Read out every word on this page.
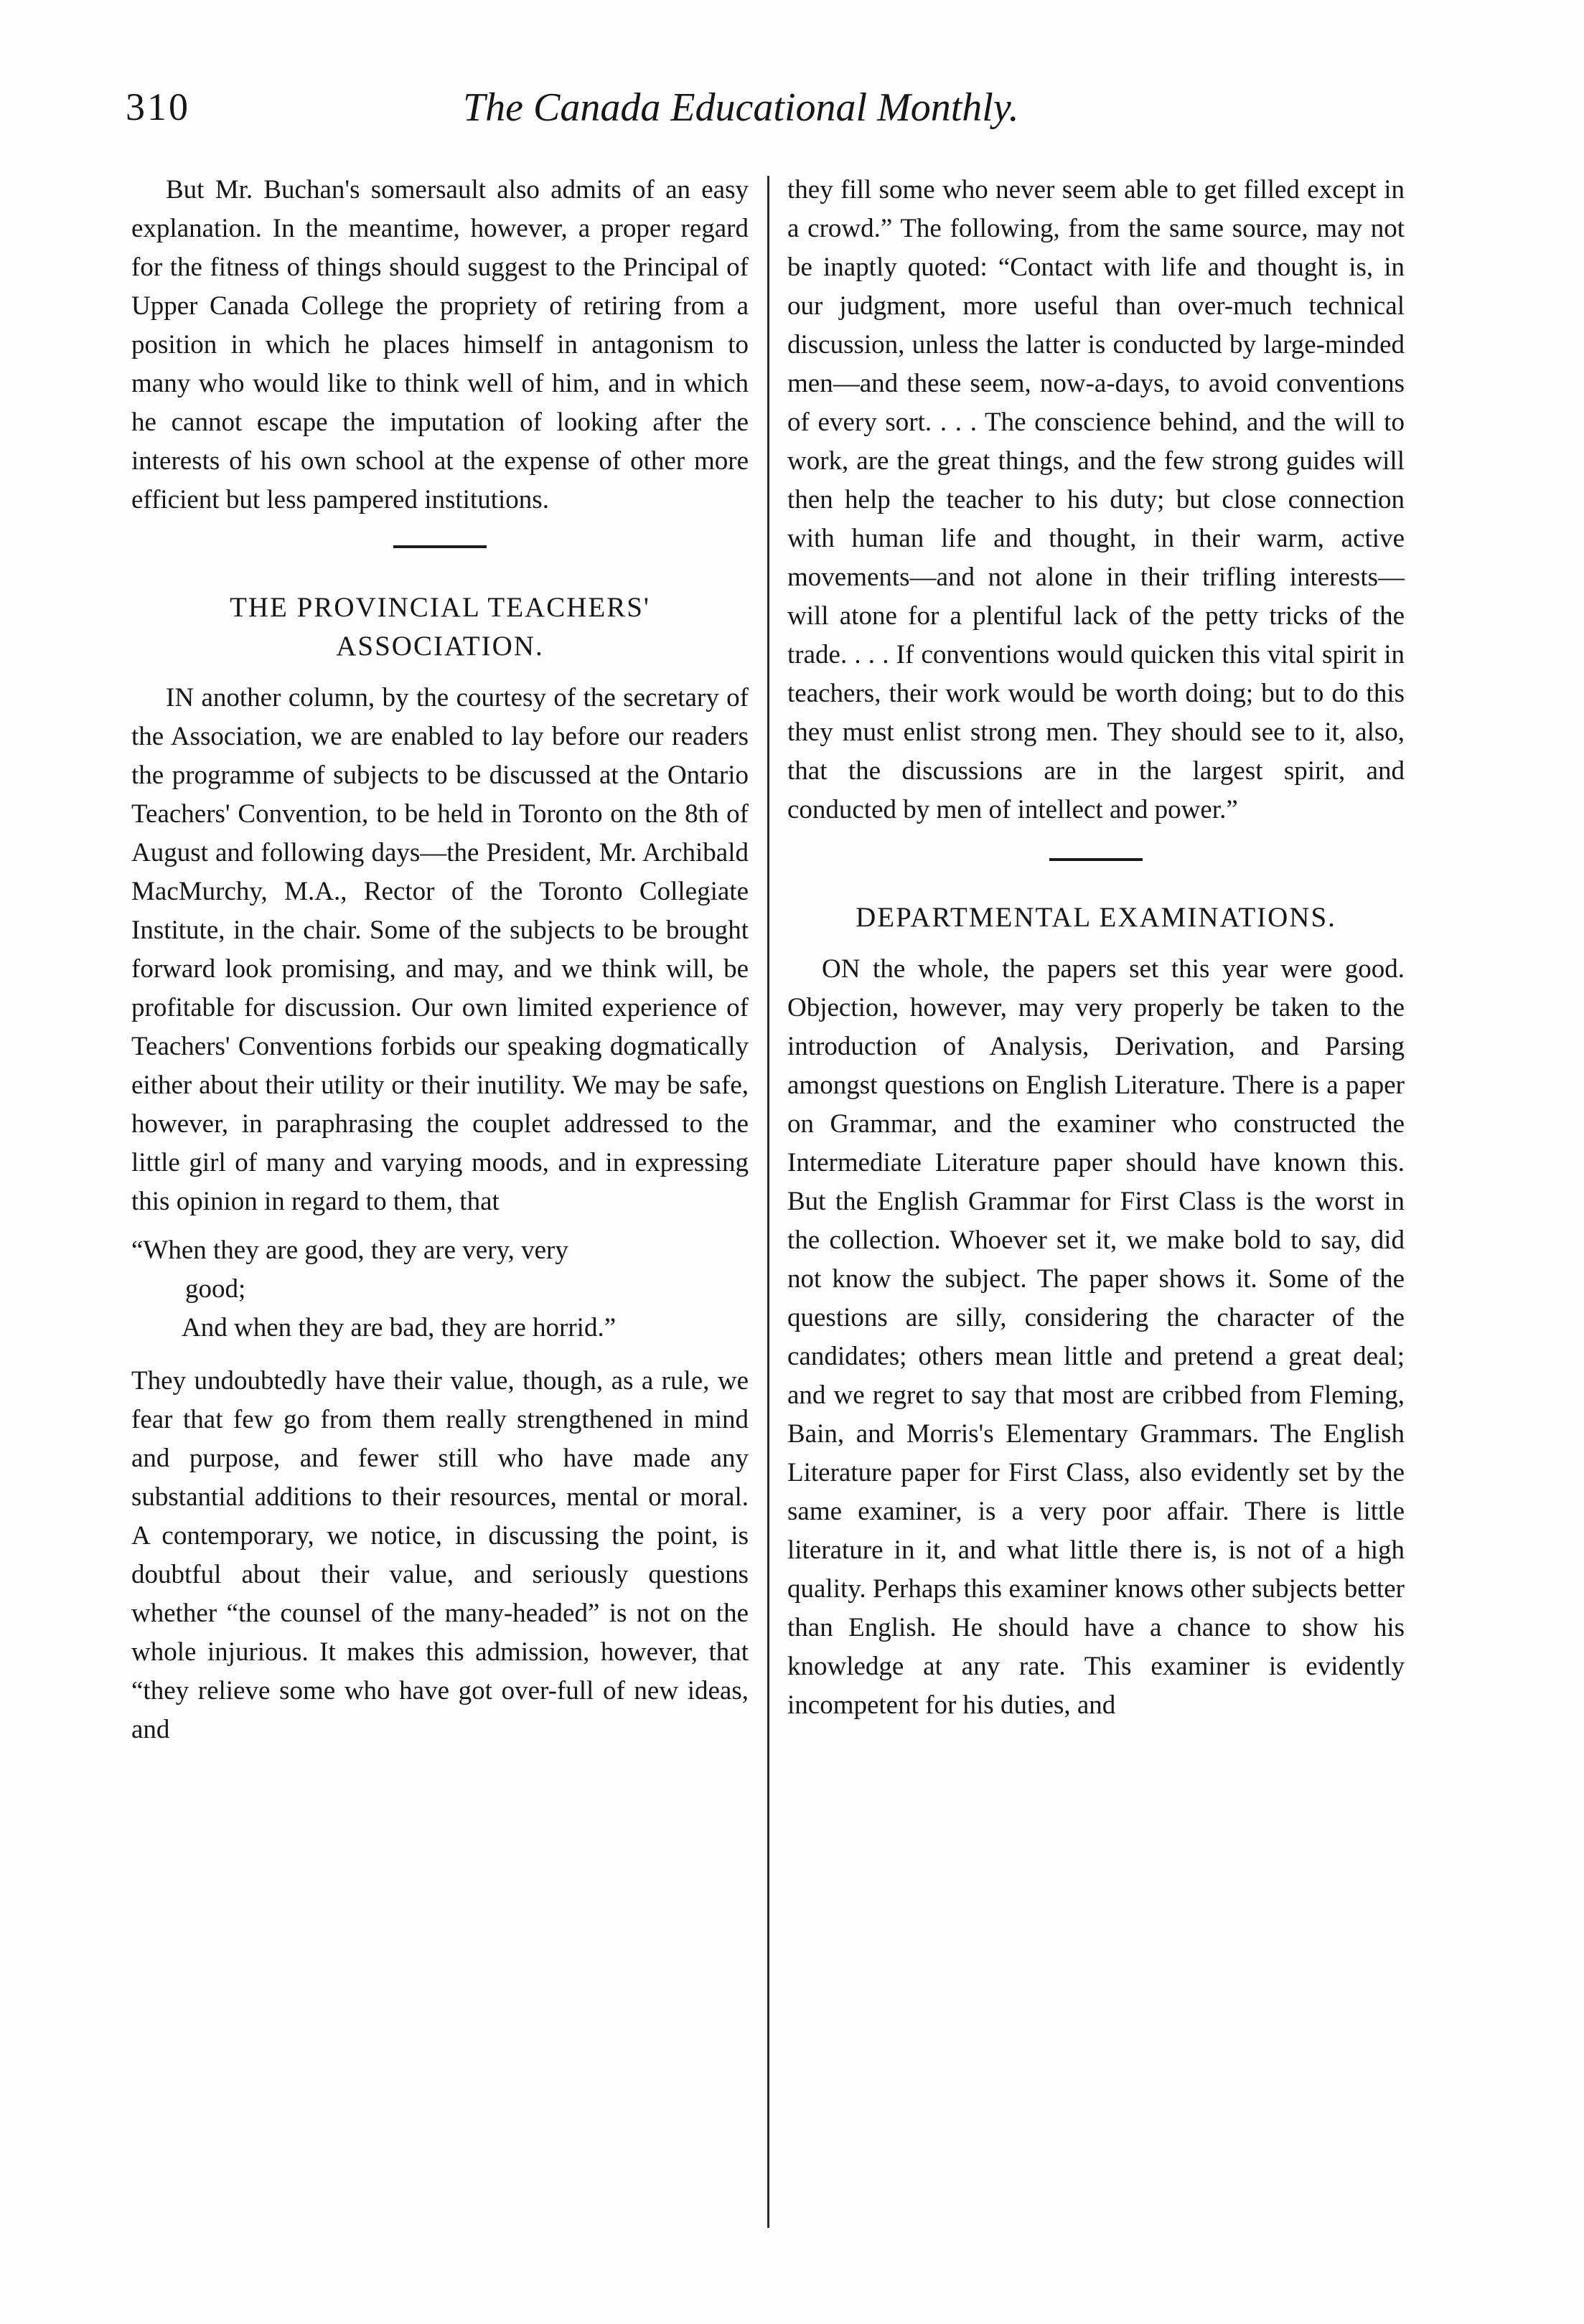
310	The Canada Educational Monthly.

But Mr. Buchan's somersault also admits of an easy explanation. In the meantime, however, a proper regard for the fitness of things should suggest to the Principal of Upper Canada College the propriety of retiring from a position in which he places himself in antagonism to many who would like to think well of him, and in which he cannot escape the imputation of looking after the interests of his own school at the expense of other more efficient but less pampered institutions.

THE PROVINCIAL TEACHERS'
ASSOCIATION.

IN another column, by the courtesy of the secretary of the Association, we are enabled to lay before our readers the programme of subjects to be discussed at the Ontario Teachers' Convention, to be held in Toronto on the 8th of August and following days—the President, Mr. Archibald MacMurchy, M.A., Rector of the Toronto Collegiate Institute, in the chair. Some of the subjects to be brought forward look promising, and may, and we think will, be profitable for discussion. Our own limited experience of Teachers' Conventions forbids our speaking dogmatically either about their utility or their inutility. We may be safe, however, in paraphrasing the couplet addressed to the little girl of many and varying moods, and in expressing this opinion in regard to them, that

“When they are good, they are very, very

good;

And when they are bad, they are horrid.”

They undoubtedly have their value, though, as a rule, we fear that few go from them really strengthened in mind and purpose, and fewer still who have made any substantial additions to their resources, mental or moral. A contemporary, we notice, in discussing the point, is doubtful about their value, and seriously questions whether “the counsel of the many-headed” is not on the whole injurious. It makes this admission, however, that “they relieve some who have got over-full of new ideas, and

they fill some who never seem able to get filled except in a crowd.” The following, from the same source, may not be inaptly quoted: “Contact with life and thought is, in our judgment, more useful than over-much technical discussion, unless the latter is conducted by large-minded men—and these seem, now-a-days, to avoid conventions of every sort. . . . The conscience behind, and the will to work, are the great things, and the few strong guides will then help the teacher to his duty; but close connection with human life and thought, in their warm, active movements—and not alone in their trifling interests—will atone for a plentiful lack of the petty tricks of the trade. . . . If conventions would quicken this vital spirit in teachers, their work would be worth doing; but to do this they must enlist strong men. They should see to it, also, that the discussions are in the largest spirit, and conducted by men of intellect and power.”

DEPARTMENTAL EXAMINATIONS.

ON the whole, the papers set this year were good. Objection, however, may very properly be taken to the introduction of Analysis, Derivation, and Parsing amongst questions on English Literature. There is a paper on Grammar, and the examiner who constructed the Intermediate Literature paper should have known this. But the English Grammar for First Class is the worst in the collection. Whoever set it, we make bold to say, did not know the subject. The paper shows it. Some of the questions are silly, considering the character of the candidates; others mean little and pretend a great deal; and we regret to say that most are cribbed from Fleming, Bain, and Morris's Elementary Grammars. The English Literature paper for First Class, also evidently set by the same examiner, is a very poor affair. There is little literature in it, and what little there is, is not of a high quality. Perhaps this examiner knows other subjects better than English. He should have a chance to show his knowledge at any rate. This examiner is evidently incompetent for his duties, and
